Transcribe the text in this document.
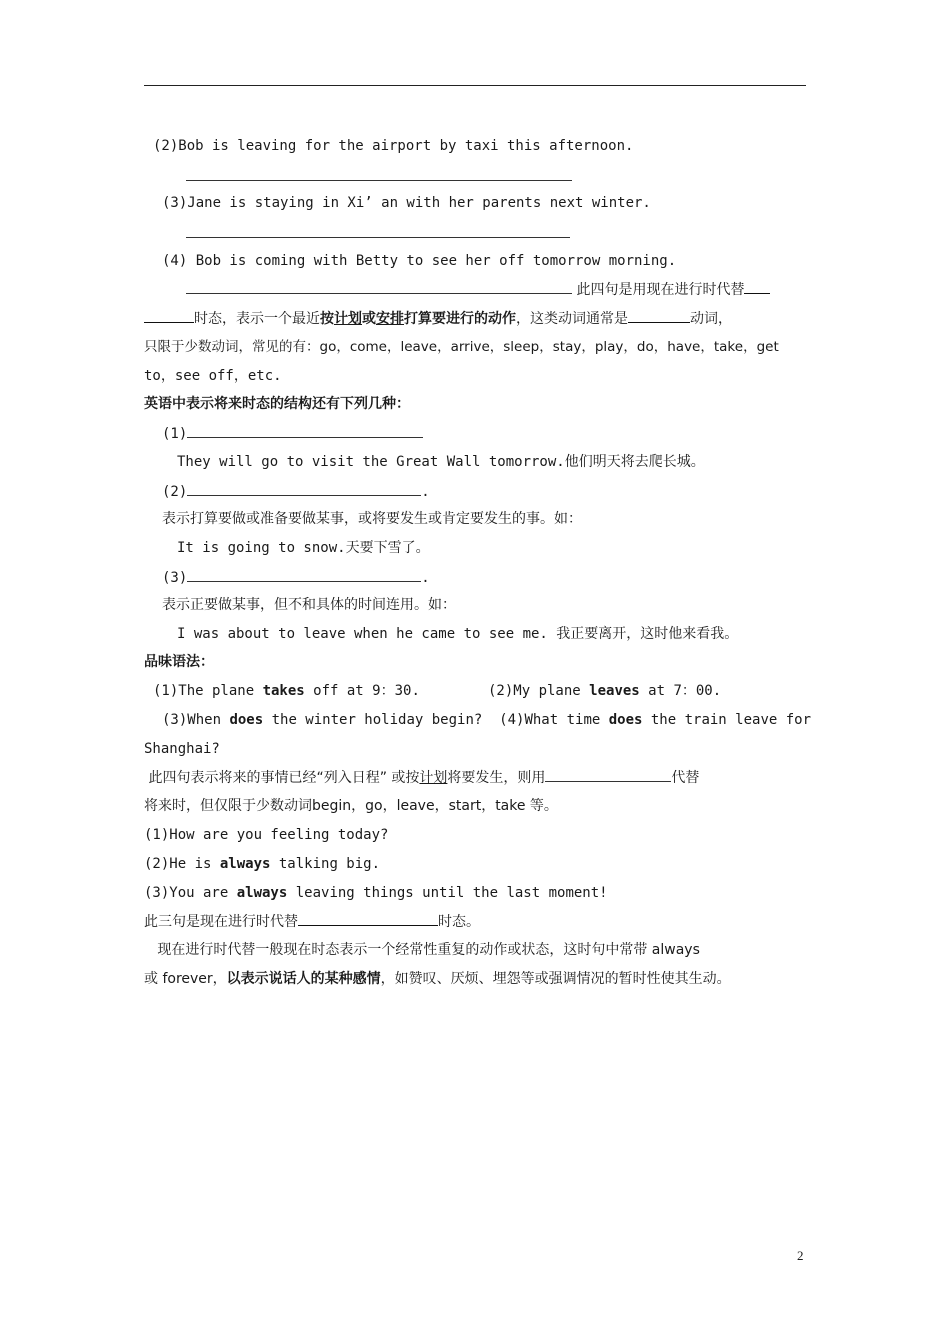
(2)Bob is leaving for the airport by taxi this afternoon.
(3)Jane is staying in Xi’ an with her parents next winter.
(4) Bob is coming with Betty to see her off tomorrow morning.
此四句是用现在进行时代替
时态，表示一个最近按计划或安排打算要进行的动作，这类动词通常是	动词，
只限于少数动词，常见的有：go，come，leave，arrive，sleep，stay，play，do，have，take，get
to，see off，etc.
英语中表示将来时态的结构还有下列几种：
(1)
They will go to visit the Great Wall tomorrow.他们明天将去爬长城。
(2)	.
表示打算要做或准备要做某事，或将要发生或肯定要发生的事。如：
It is going to snow.天要下雪了。
(3)	.
表示正要做某事，但不和具体的时间连用。如：
I was about to leave when he came to see me. 我正要离开，这时他来看我。
品味语法：
(1)The plane takes off at 9：30.	(2)My plane leaves at 7：00.
(3)When does the winter holiday begin?  (4)What time does the train leave for
Shanghai?
此四句表示将来的事情已经“列入日程” 或按计划将要发生，则用	代替
将来时，但仅限于少数动词begin，go，leave，start，take 等。
(1)How are you feeling today?
(2)He is always talking big.
(3)You are always leaving things until the last moment!
此三句是现在进行时代替	时态。
现在进行时代替一般现在时态表示一个经常性重复的动作或状态，这时句中常带 always
或 forever，以表示说话人的某种感情，如赞叹、厌烦、埋怨等或强调情况的暂时性使其生动。
2
